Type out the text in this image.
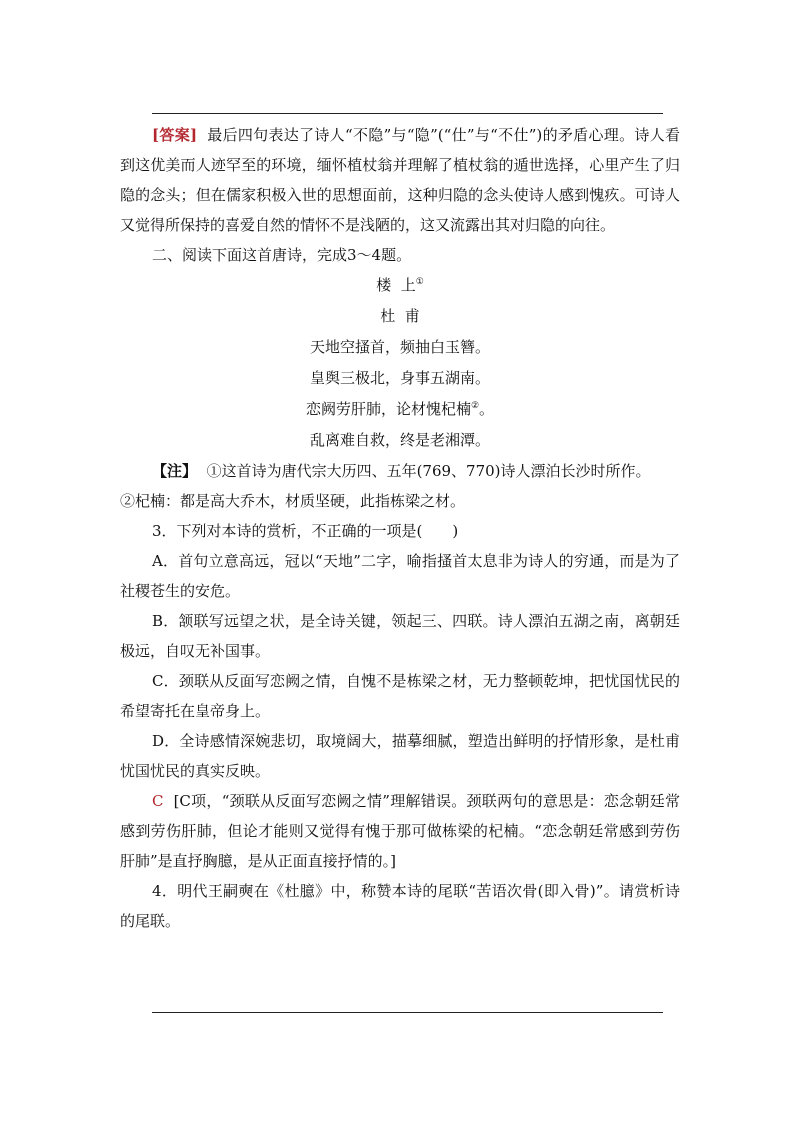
[答案] 最后四句表达了诗人“不隐”与“隐”(“仕”与“不仕”)的矛盾心理。诗人看到这优美而人迹罕至的环境，缅怀植杖翁并理解了植杖翁的遁世选择，心里产生了归隐的念头；但在儒家积极入世的思想面前，这种归隐的念头使诗人感到愧疚。可诗人又觉得所保持的喜爱自然的情怀不是浅陋的，这又流露出其对归隐的向往。

二、阅读下面这首唐诗，完成3～4题。

楼  上①
杜  甫
天地空搔首，频抽白玉簪。
皇舆三极北，身事五湖南。
恋阙劳肝肺，论材愧杞楠②。
乱离难自救，终是老湘潭。

【注】 ①这首诗为唐代宗大历四、五年(769、770)诗人漂泊长沙时所作。

②杞楠：都是高大乔木，材质坚硬，此指栋梁之材。

3．下列对本诗的赏析，不正确的一项是(　　)

A．首句立意高远，冠以“天地”二字，喻指搔首太息非为诗人的穷通，而是为了社稷苍生的安危。

B．颔联写远望之状，是全诗关键，领起三、四联。诗人漂泊五湖之南，离朝廷极远，自叹无补国事。

C．颈联从反面写恋阙之情，自愧不是栋梁之材，无力整顿乾坤，把忧国忧民的希望寄托在皇帝身上。

D．全诗感情深婉悲切，取境阔大，描摹细腻，塑造出鲜明的抒情形象，是杜甫忧国忧民的真实反映。

C [C项，“颈联从反面写恋阙之情”理解错误。颈联两句的意思是：恋念朝廷常感到劳伤肝肺，但论才能则又觉得有愧于那可做栋梁的杞楠。“恋念朝廷常感到劳伤肝肺”是直抒胸臆，是从正面直接抒情的。]

4．明代王嗣奭在《杜臆》中，称赞本诗的尾联“苦语次骨(即入骨)”。请赏析诗的尾联。
